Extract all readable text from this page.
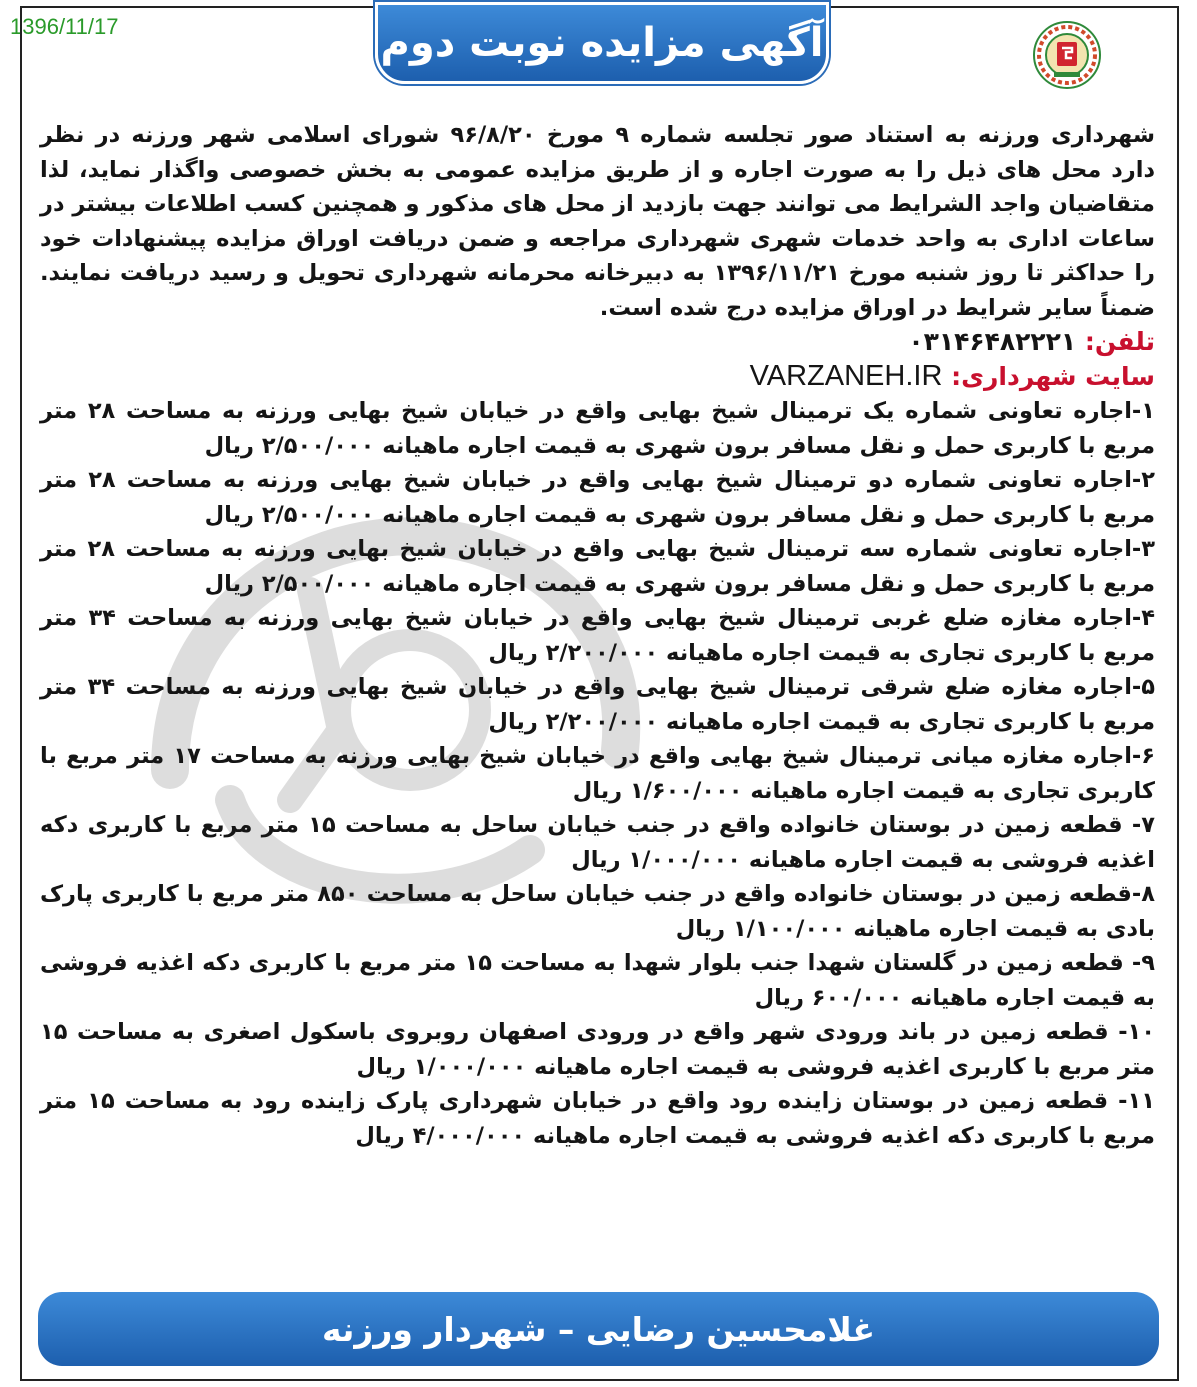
1396/11/17	آگهی مزایده نوبت دوم

شهرداری ورزنه به استناد صور تجلسه شماره ۹ مورخ ۹۶/۸/۲۰ شورای اسلامی شهر ورزنه در نظر دارد محل های ذیل را به صورت اجاره و از طریق مزایده عمومی به بخش خصوصی واگذار نماید، لذا متقاضیان واجد الشرایط می توانند جهت بازدید از محل های مذکور و همچنین کسب اطلاعات بیشتر در ساعات اداری به واحد خدمات شهری شهرداری مراجعه و ضمن دریافت اوراق مزایده پیشنهادات خود را حداکثر تا روز شنبه مورخ ۱۳۹۶/۱۱/۲۱ به دبیرخانه محرمانه شهرداری تحویل و رسید دریافت نمایند. ضمناً سایر شرایط در اوراق مزایده درج شده است.

تلفن: ۰۳۱۴۶۴۸۲۲۲۱

سایت شهرداری: VARZANEH.IR

۱-اجاره تعاونی شماره یک ترمینال شیخ بهایی واقع در خیابان شیخ بهایی ورزنه به مساحت ۲۸ متر مربع با کاربری حمل و نقل مسافر برون شهری به قیمت اجاره ماهیانه ۲/۵۰۰/۰۰۰ ریال
۲-اجاره تعاونی شماره دو ترمینال شیخ بهایی واقع در خیابان شیخ بهایی ورزنه به مساحت ۲۸ متر مربع با کاربری حمل و نقل مسافر برون شهری به قیمت اجاره ماهیانه ۲/۵۰۰/۰۰۰ ریال
۳-اجاره تعاونی شماره سه ترمینال شیخ بهایی واقع در خیابان شیخ بهایی ورزنه به مساحت ۲۸ متر مربع با کاربری حمل و نقل مسافر برون شهری به قیمت اجاره ماهیانه ۲/۵۰۰/۰۰۰ ریال
۴-اجاره مغازه ضلع غربی ترمینال شیخ بهایی واقع در خیابان شیخ بهایی ورزنه به مساحت ۳۴ متر مربع با کاربری تجاری به قیمت اجاره ماهیانه ۲/۲۰۰/۰۰۰ ریال
۵-اجاره مغازه ضلع شرقی ترمینال شیخ بهایی واقع در خیابان شیخ بهایی ورزنه به مساحت ۳۴ متر مربع با کاربری تجاری به قیمت اجاره ماهیانه ۲/۲۰۰/۰۰۰ ریال
۶-اجاره مغازه میانی ترمینال شیخ بهایی واقع در خیابان شیخ بهایی ورزنه به مساحت ۱۷ متر مربع با کاربری تجاری به قیمت اجاره ماهیانه ۱/۶۰۰/۰۰۰ ریال
۷- قطعه زمین در بوستان خانواده واقع در جنب خیابان ساحل به مساحت ۱۵ متر مربع با کاربری دکه اغذیه فروشی به قیمت اجاره ماهیانه ۱/۰۰۰/۰۰۰ ریال
۸-قطعه زمین در بوستان خانواده واقع در جنب خیابان ساحل به مساحت ۸۵۰ متر مربع با کاربری پارک بادی به قیمت اجاره ماهیانه ۱/۱۰۰/۰۰۰ ریال
۹- قطعه زمین در گلستان شهدا جنب بلوار شهدا به مساحت ۱۵ متر مربع با کاربری دکه اغذیه فروشی به قیمت اجاره ماهیانه ۶۰۰/۰۰۰ ریال
۱۰- قطعه زمین در باند ورودی شهر واقع در ورودی اصفهان روبروی باسکول اصغری به مساحت ۱۵ متر مربع با کاربری اغذیه فروشی به قیمت اجاره ماهیانه ۱/۰۰۰/۰۰۰ ریال
۱۱- قطعه زمین در بوستان زاینده رود واقع در خیابان شهرداری پارک زاینده رود به مساحت ۱۵ متر مربع با کاربری دکه اغذیه فروشی به قیمت اجاره ماهیانه ۴/۰۰۰/۰۰۰ ریال
غلامحسین رضایی – شهردار ورزنه
